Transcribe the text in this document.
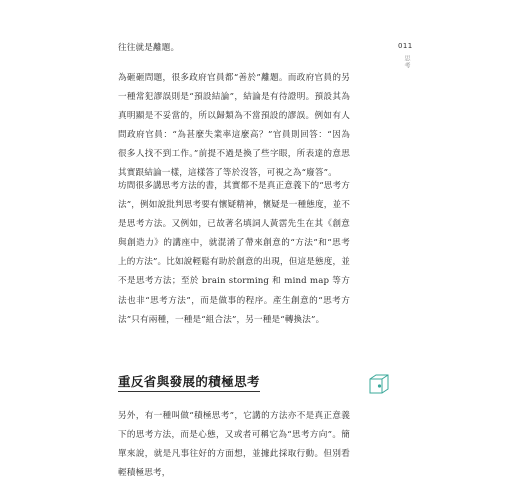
011
思考

往往就是離題。

為砸砸問題，很多政府官員都“善於”離題。而政府官員的另一種常犯謬誤則是“預設結論”，結論是有待證明。預設其為真明顯是不妥當的，所以歸類為不當預設的謬誤。例如有人問政府官員：“為甚麼失業率這麼高？”官員則回答：“因為很多人找不到工作。”前提不過是換了些字眼，所表達的意思其實跟結論一樣，這樣答了等於沒答，可視之為“廢答”。

坊間很多講思考方法的書，其實都不是真正意義下的“思考方法”，例如說批判思考要有懷疑精神，懷疑是一種態度，並不是思考方法。又例如，已故著名填詞人黃霑先生在其《創意與創造力》的講座中，就混淆了帶來創意的“方法”和“思考上的方法”。比如說輕鬆有助於創意的出現，但這是態度，並不是思考方法；至於 brain storming 和 mind map 等方法也非“思考方法”，而是做事的程序。產生創意的“思考方法”只有兩種，一種是“組合法”，另一種是“轉換法”。

重反省與發展的積極思考

另外，有一種叫做“積極思考”，它講的方法亦不是真正意義下的思考方法，而是心態，又或者可稱它為“思考方向”。簡單來說，就是凡事往好的方面想，並據此採取行動。但別看輕積極思考，
